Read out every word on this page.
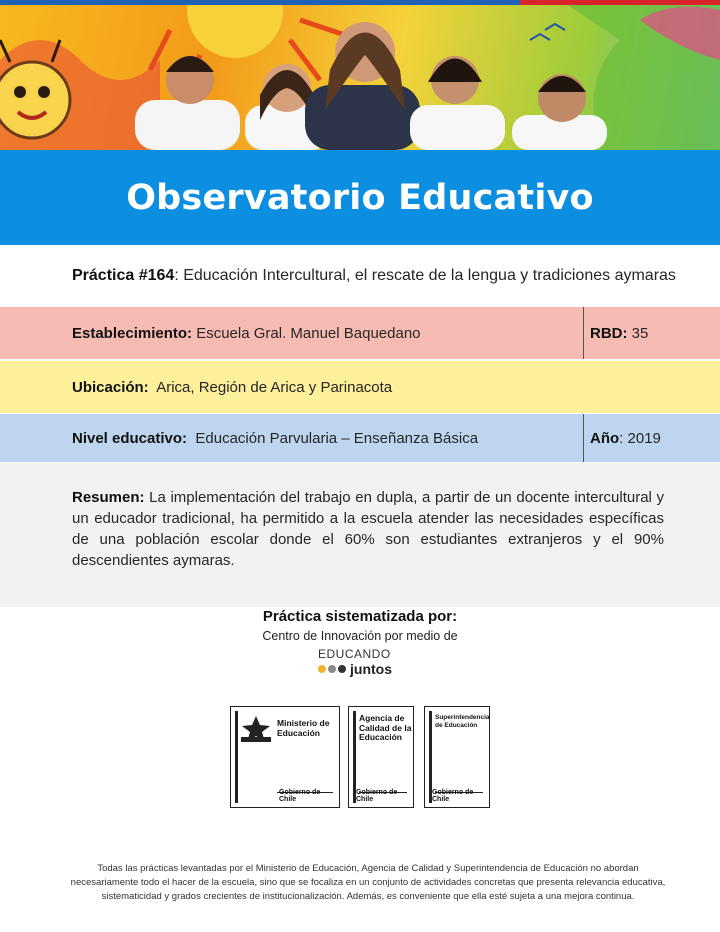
Observatorio Educativo
Práctica #164: Educación Intercultural, el rescate de la lengua y tradiciones aymaras
Establecimiento: Escuela Gral. Manuel Baquedano	RBD: 35
Ubicación: Arica, Región de Arica y Parinacota
Nivel educativo: Educación Parvularia – Enseñanza Básica	Año : 2019
Resumen: La implementación del trabajo en dupla, a partir de un docente intercultural y un educador tradicional, ha permitido a la escuela atender las necesidades específicas de una población escolar donde el 60% son estudiantes extranjeros y el 90% descendientes aymaras.
Práctica sistematizada por:
Centro de Innovación por medio de
EDUCANDO
juntos
Ministerio de
Educación
Gobierno de Chile
Agencia de
Calidad de la
Educación
Gobierno de Chile
Superintendencia
de Educación
Gobierno de Chile
Todas las prácticas levantadas por el Ministerio de Educación, Agencia de Calidad y Superintendencia de Educación no abordan necesariamente todo el hacer de la escuela, sino que se focaliza en un conjunto de actividades concretas que presenta relevancia educativa, sistematicidad y grados crecientes de institucionalización. Además, es conveniente que ella esté sujeta a una mejora continua.
